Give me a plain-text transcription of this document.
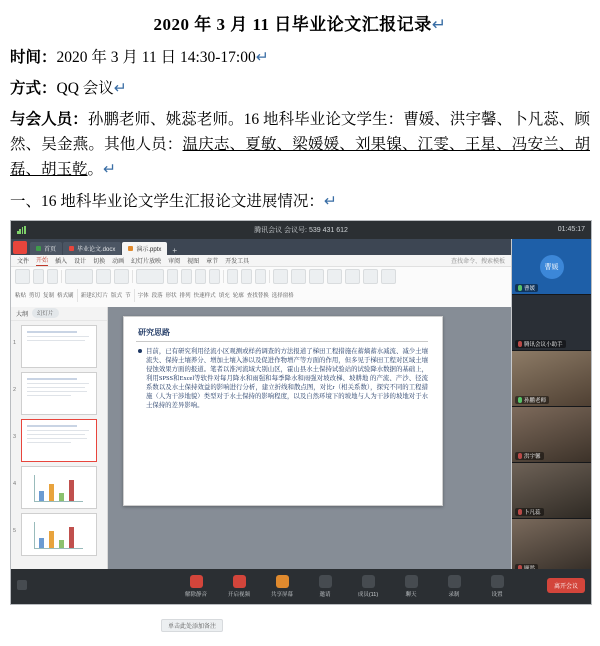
2020 年 3 月 11 日毕业论文汇报记录↵

时间：2020 年 3 月 11 日 14:30-17:00↵

方式：QQ 会议↵

与会人员：孙鹏老师、姚蕊老师。16 地科毕业论文学生：曹媛、洪宇馨、卜凡蕊、顾然、吴金燕。其他人员：温庆志、夏敏、梁媛媛、刘果镍、江雯、王星、冯安兰、胡磊、胡玉乾。↵

一、16 地科毕业论文学生汇报论文进展情况：↵

腾讯会议 会议号: 539 431 612	01:45:17
首页	毕业论文.docx	演示.pptx +
文件 开始 插入 设计 切换 动画 幻灯片放映 审阅 视图 章节 开发工具	查找命令、搜索模板
粘贴 剪切 复制 格式刷 新建幻灯片 版式 节 字体 段落 形状 排列 快速样式 填充 轮廓 查找替换 选择窗格
大纲	幻灯片
1
2
3
4
5
研究思路
目前，已有研究利用径流小区观测或样药调查的方法报道了梯田工程措施在蓄熵蓄水减流、减少土壤流失、保持土壤养分、增加土壤入渗以及促进作物增产等方面的作用，但多见于梯田工程对区域土壤侵蚀效果方面的报道。笔者以淮河流域大别山区，霍山县水土保持试验站的试验降水数据的基础上，利用SPSS和Excel等软件对每月降水和雨强和每季降水和雨强对坡改梯、坡耕地 的产流、产沙、径流系数以及水土保持效益的影响进行分析，建立折线和散点图，对比r（相关系数），探究不同的工程措施（人为干涉地貌）类型对于水土保持的影响程度，以及自然环境下的坡地与人为干涉的坡地对于水土保持的差异影响。
单击此处添加备注
曹媛
曹媛
腾讯会议小助手
孙鹏老师
洪宇馨
卜凡蕊
解除静音	开启视频	共享屏幕	邀请	成员(11)	聊天	录制	设置
离开会议
